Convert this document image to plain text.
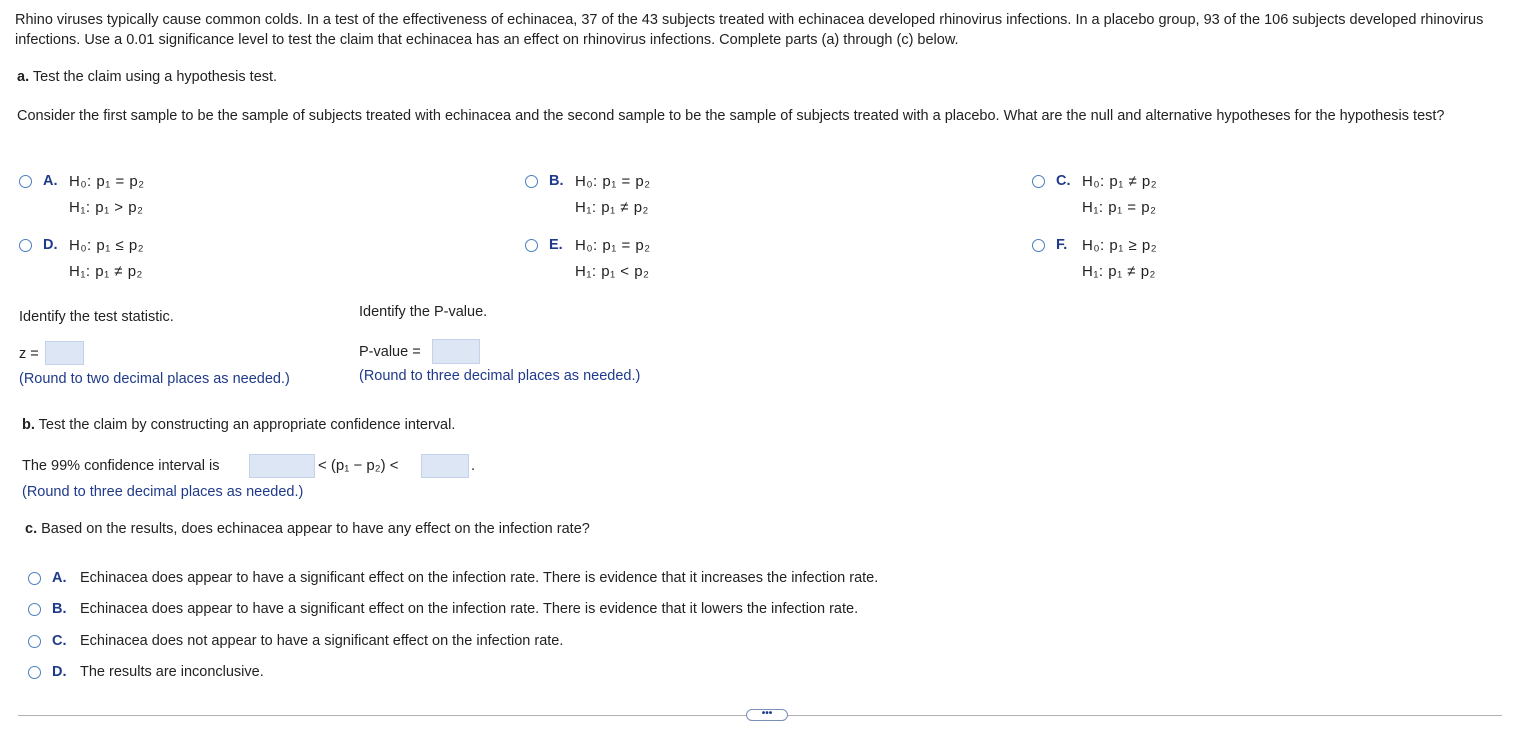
Rhino viruses typically cause common colds. In a test of the effectiveness of echinacea, 37 of the 43 subjects treated with echinacea developed rhinovirus infections. In a placebo group, 93 of the 106 subjects developed rhinovirus infections. Use a 0.01 significance level to test the claim that echinacea has an effect on rhinovirus infections. Complete parts (a) through (c) below.
a. Test the claim using a hypothesis test.
Consider the first sample to be the sample of subjects treated with echinacea and the second sample to be the sample of subjects treated with a placebo. What are the null and alternative hypotheses for the hypothesis test?
A. H₀: p₁ = p₂
H₁: p₁ > p₂
B. H₀: p₁ = p₂
H₁: p₁ ≠ p₂
C. H₀: p₁ ≠ p₂
H₁: p₁ = p₂
D. H₀: p₁ ≤ p₂
H₁: p₁ ≠ p₂
E. H₀: p₁ = p₂
H₁: p₁ < p₂
F. H₀: p₁ ≥ p₂
H₁: p₁ ≠ p₂
Identify the test statistic.
z =
(Round to two decimal places as needed.)
Identify the P-value.
P-value =
(Round to three decimal places as needed.)
b. Test the claim by constructing an appropriate confidence interval.
The 99% confidence interval is	< (p₁ − p₂) <	.
(Round to three decimal places as needed.)
c. Based on the results, does echinacea appear to have any effect on the infection rate?
A. Echinacea does appear to have a significant effect on the infection rate. There is evidence that it increases the infection rate.
B. Echinacea does appear to have a significant effect on the infection rate. There is evidence that it lowers the infection rate.
C. Echinacea does not appear to have a significant effect on the infection rate.
D. The results are inconclusive.
•••
